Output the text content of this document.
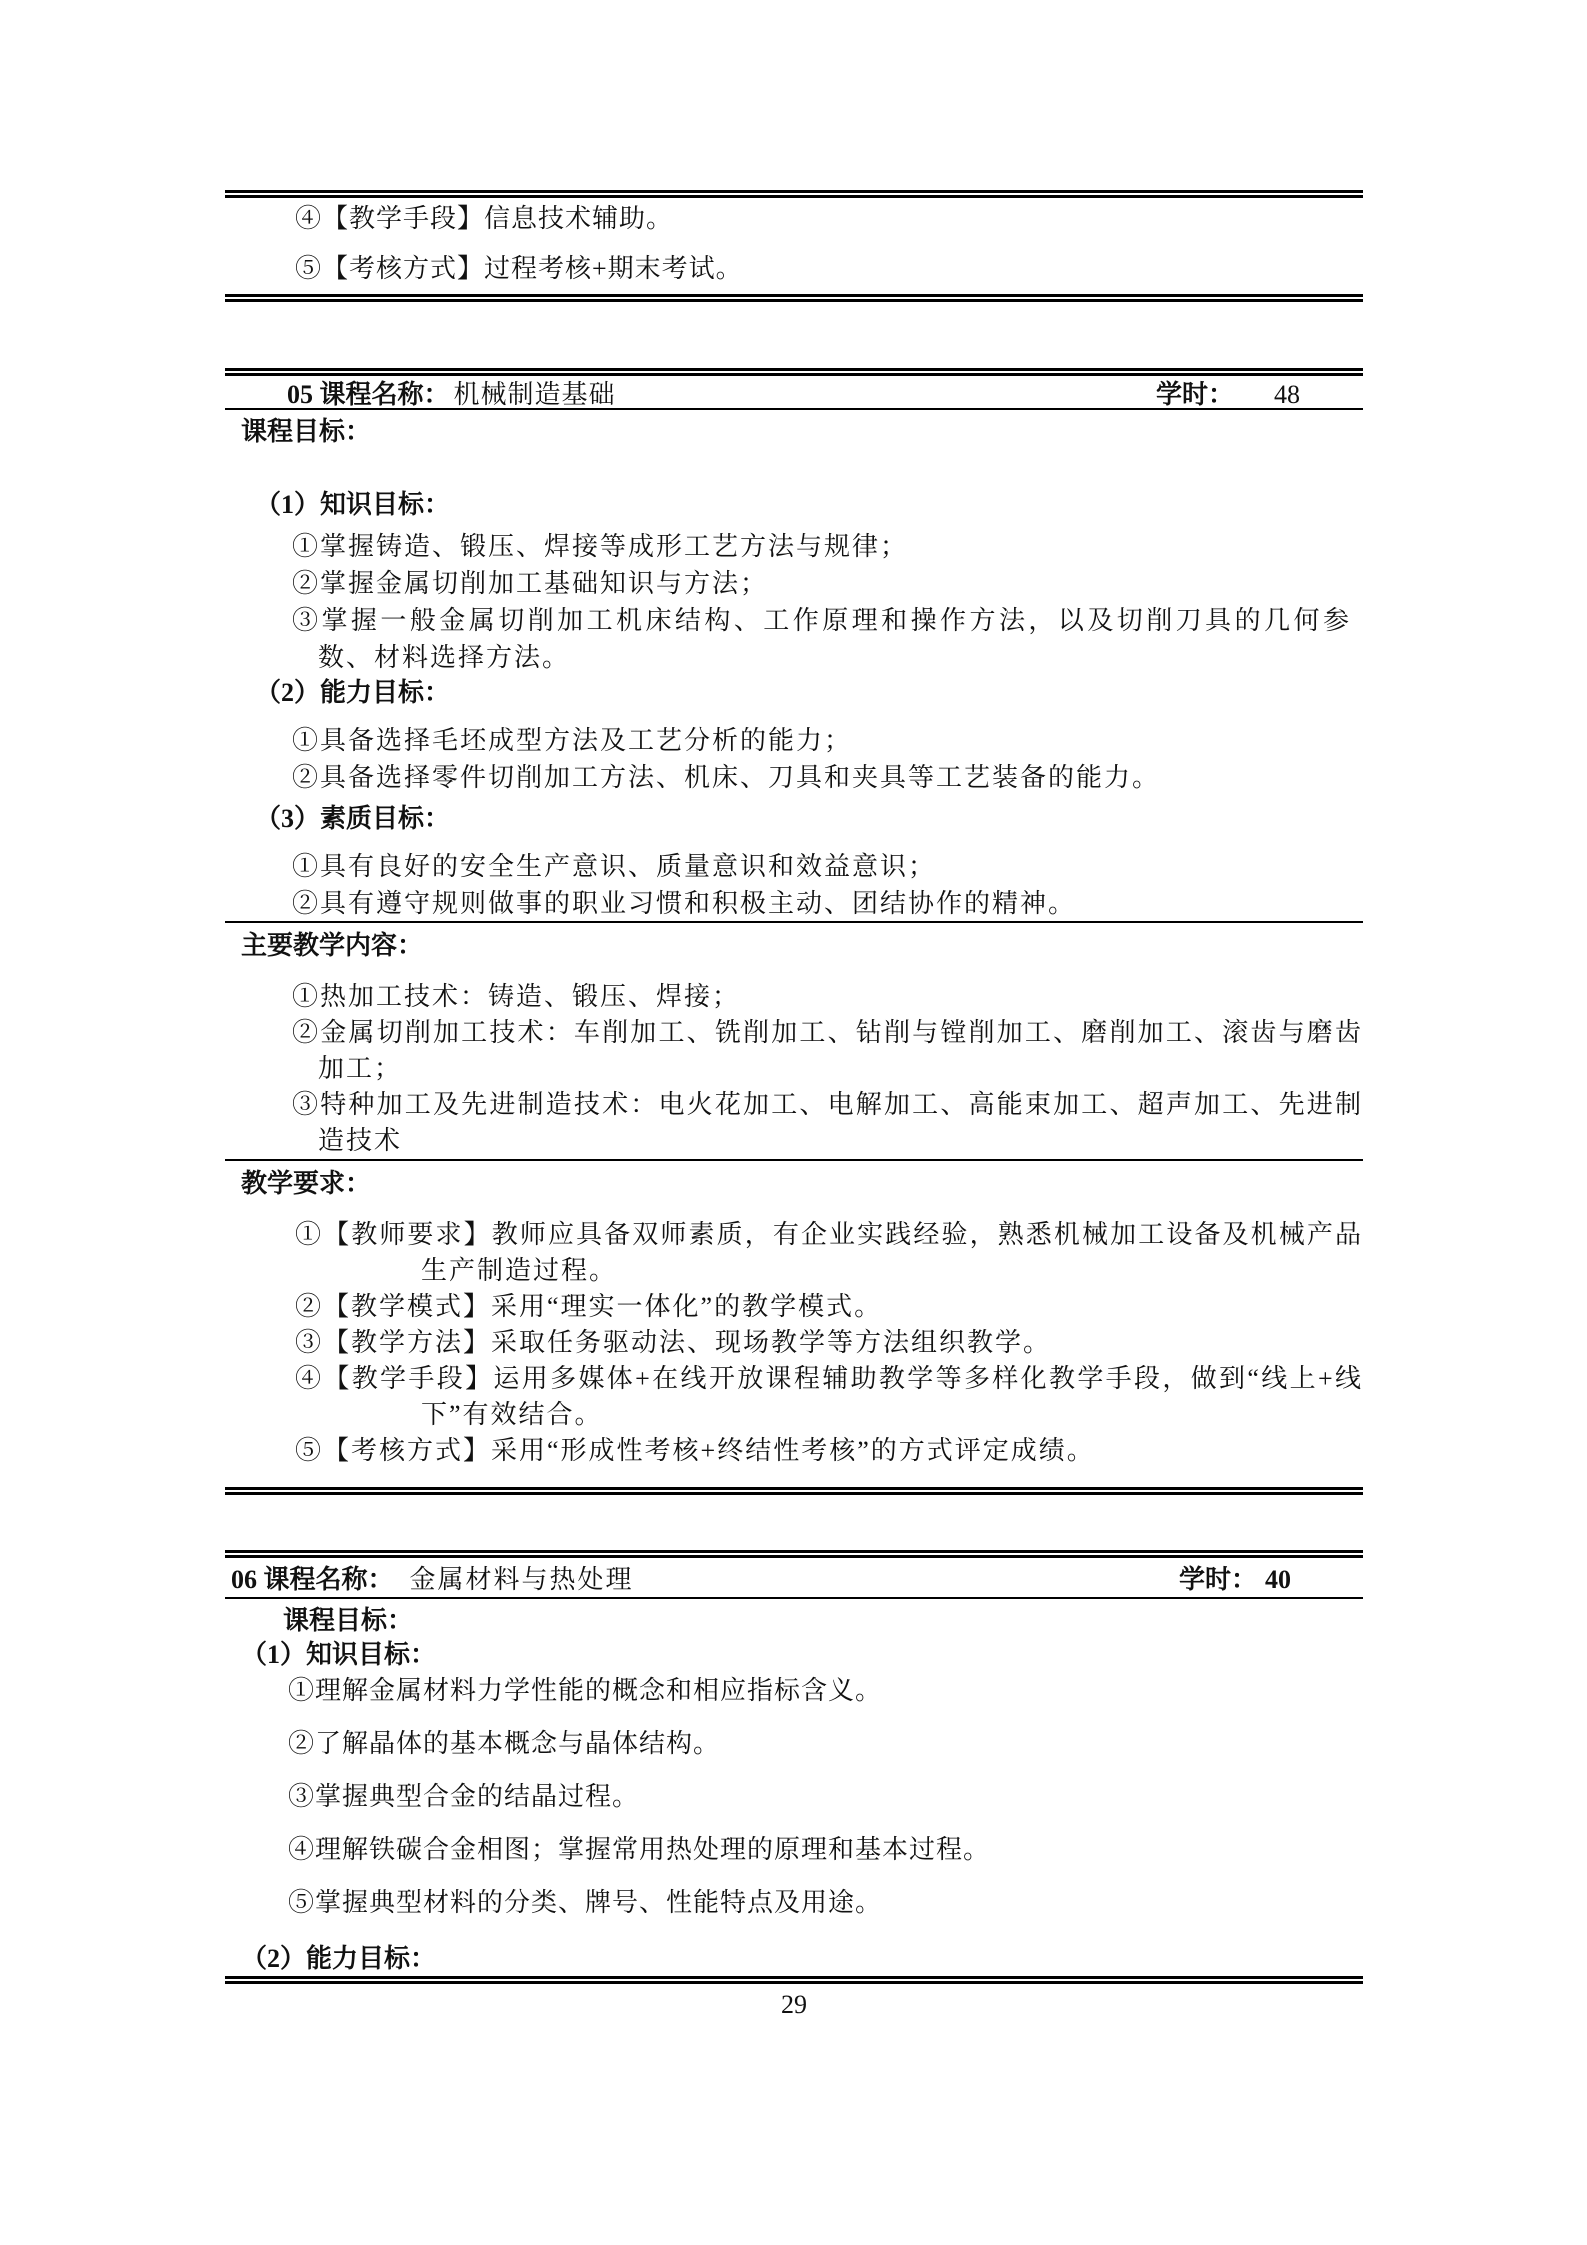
④【教学手段】信息技术辅助。

⑤【考核方式】过程考核+期末考试。

05 课程名称： 机械制造基础	学时： 48

课程目标：

（1）知识目标：

①掌握铸造、锻压、焊接等成形工艺方法与规律；

②掌握金属切削加工基础知识与方法；

③掌握一般金属切削加工机床结构、工作原理和操作方法，以及切削刀具的几何参数、材料选择方法。

（2）能力目标：

①具备选择毛坯成型方法及工艺分析的能力；

②具备选择零件切削加工方法、机床、刀具和夹具等工艺装备的能力。

（3）素质目标：

①具有良好的安全生产意识、质量意识和效益意识；

②具有遵守规则做事的职业习惯和积极主动、团结协作的精神。

主要教学内容：

①热加工技术：铸造、锻压、焊接；

②金属切削加工技术：车削加工、铣削加工、钻削与镗削加工、磨削加工、滚齿与磨齿加工；

③特种加工及先进制造技术：电火花加工、电解加工、高能束加工、超声加工、先进制造技术

教学要求：

①【教师要求】教师应具备双师素质，有企业实践经验，熟悉机械加工设备及机械产品生产制造过程。

②【教学模式】采用“理实一体化”的教学模式。

③【教学方法】采取任务驱动法、现场教学等方法组织教学。

④【教学手段】运用多媒体+在线开放课程辅助教学等多样化教学手段，做到“线上+线下”有效结合。

⑤【考核方式】采用“形成性考核+终结性考核”的方式评定成绩。

06 课程名称： 金属材料与热处理	学时： 40

课程目标：

（1）知识目标：

①理解金属材料力学性能的概念和相应指标含义。

②了解晶体的基本概念与晶体结构。

③掌握典型合金的结晶过程。

④理解铁碳合金相图；掌握常用热处理的原理和基本过程。

⑤掌握典型材料的分类、牌号、性能特点及用途。

（2）能力目标：

29
